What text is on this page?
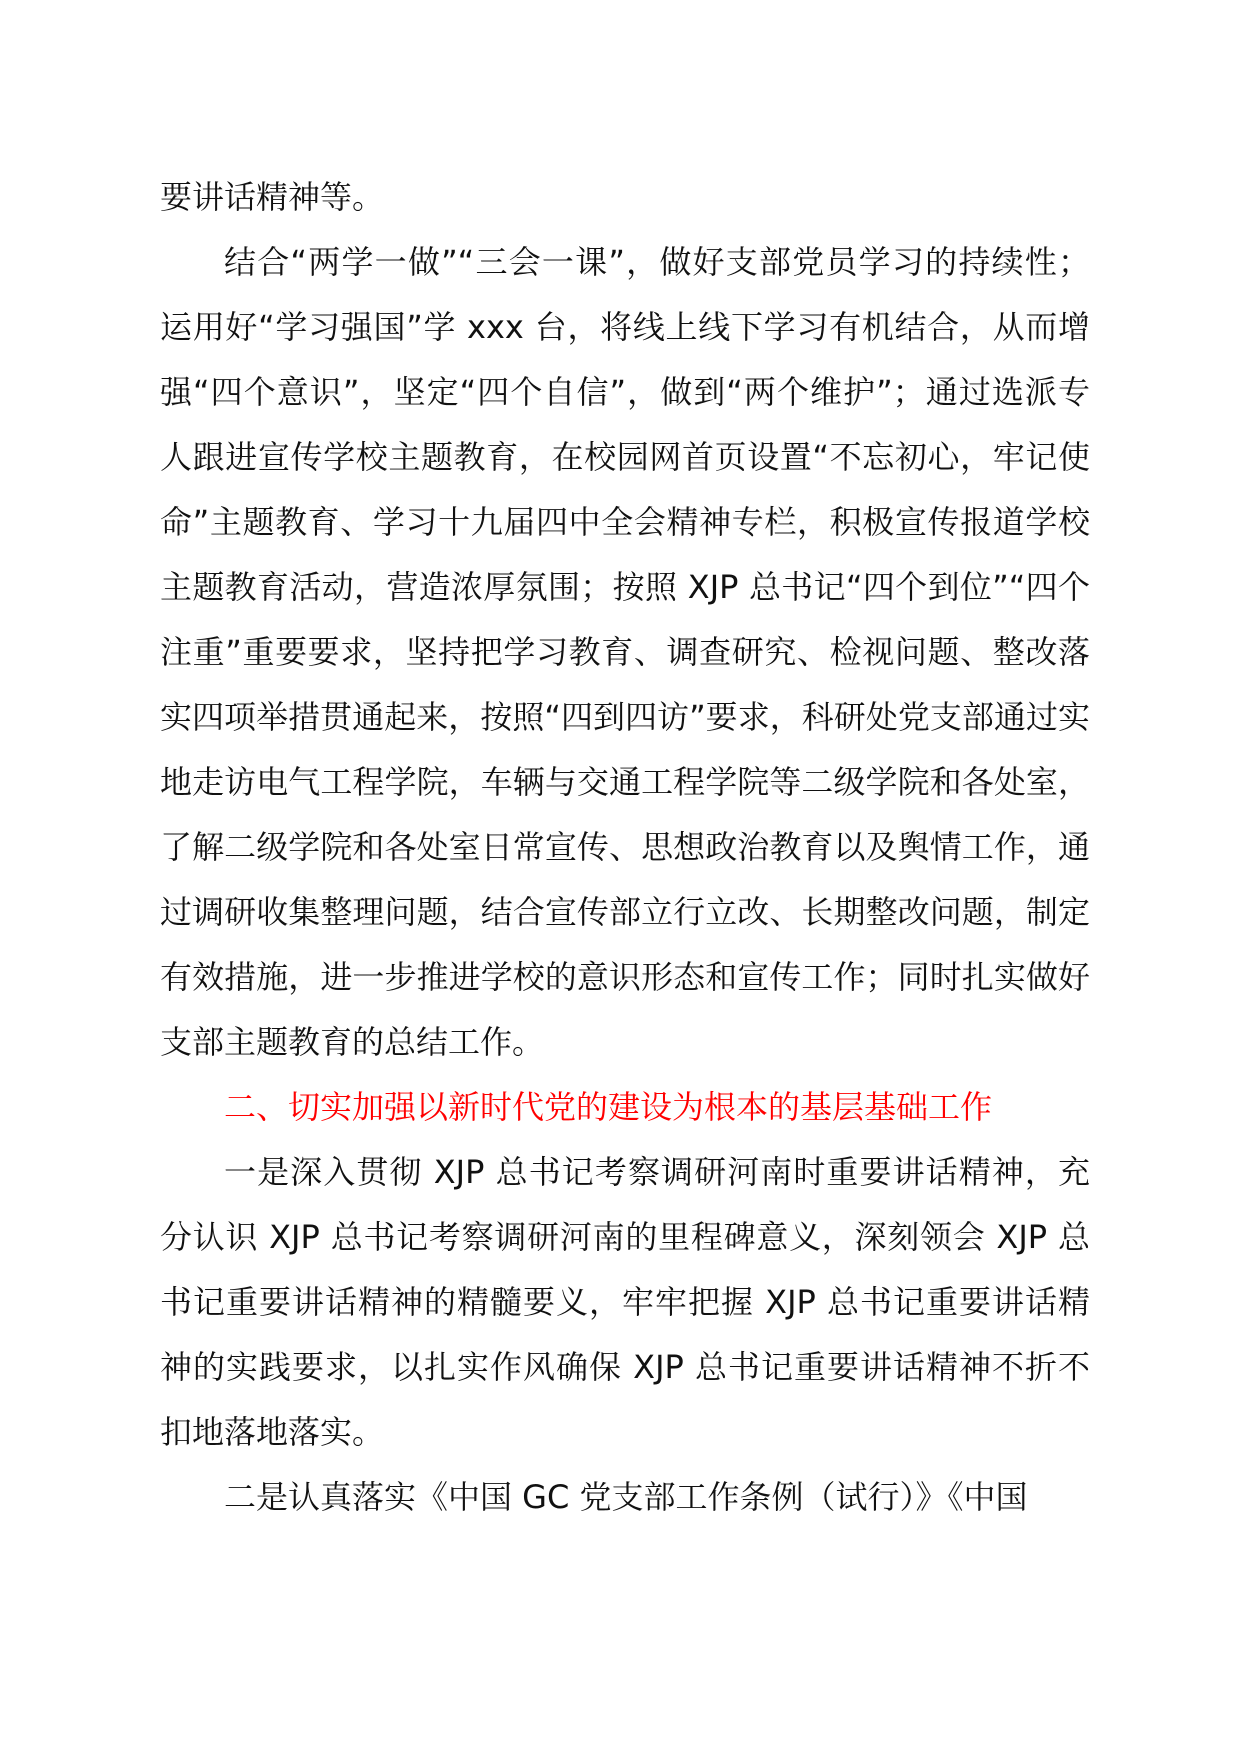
要讲话精神等。

结合“两学一做”“三会一课”，做好支部党员学习的持续性；运用好“学习强国”学 xxx 台，将线上线下学习有机结合，从而增强“四个意识”，坚定“四个自信”，做到“两个维护”；通过选派专人跟进宣传学校主题教育，在校园网首页设置“不忘初心，牢记使命”主题教育、学习十九届四中全会精神专栏，积极宣传报道学校主题教育活动，营造浓厚氛围；按照 XJP 总书记“四个到位”“四个注重”重要要求，坚持把学习教育、调查研究、检视问题、整改落实四项举措贯通起来，按照“四到四访”要求，科研处党支部通过实地走访电气工程学院，车辆与交通工程学院等二级学院和各处室，了解二级学院和各处室日常宣传、思想政治教育以及舆情工作，通过调研收集整理问题，结合宣传部立行立改、长期整改问题，制定有效措施，进一步推进学校的意识形态和宣传工作；同时扎实做好支部主题教育的总结工作。

二、切实加强以新时代党的建设为根本的基层基础工作

一是深入贯彻 XJP 总书记考察调研河南时重要讲话精神，充分认识 XJP 总书记考察调研河南的里程碑意义，深刻领会 XJP 总书记重要讲话精神的精髓要义，牢牢把握 XJP 总书记重要讲话精神的实践要求，以扎实作风确保 XJP 总书记重要讲话精神不折不扣地落地落实。

二是认真落实《中国 GC 党支部工作条例（试行）》《中国
